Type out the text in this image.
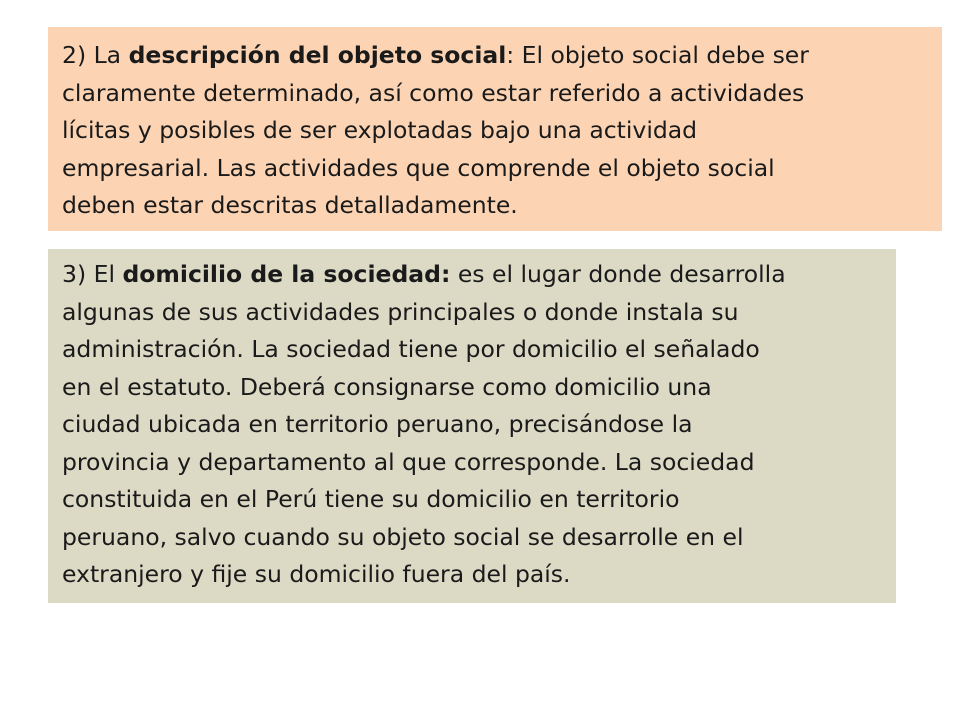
2) La descripción del objeto social: El objeto social debe ser
claramente determinado, así como estar referido a actividades
lícitas y posibles de ser explotadas bajo una actividad
empresarial. Las actividades que comprende el objeto social
deben estar descritas detalladamente.
3) El domicilio de la sociedad: es el lugar donde desarrolla
algunas de sus actividades principales o donde instala su
administración. La sociedad tiene por domicilio el señalado
en el estatuto. Deberá consignarse como domicilio una
ciudad ubicada en territorio peruano, precisándose la
provincia y departamento al que corresponde. La sociedad
constituida en el Perú tiene su domicilio en territorio
peruano, salvo cuando su objeto social se desarrolle en el
extranjero y fije su domicilio fuera del país.
